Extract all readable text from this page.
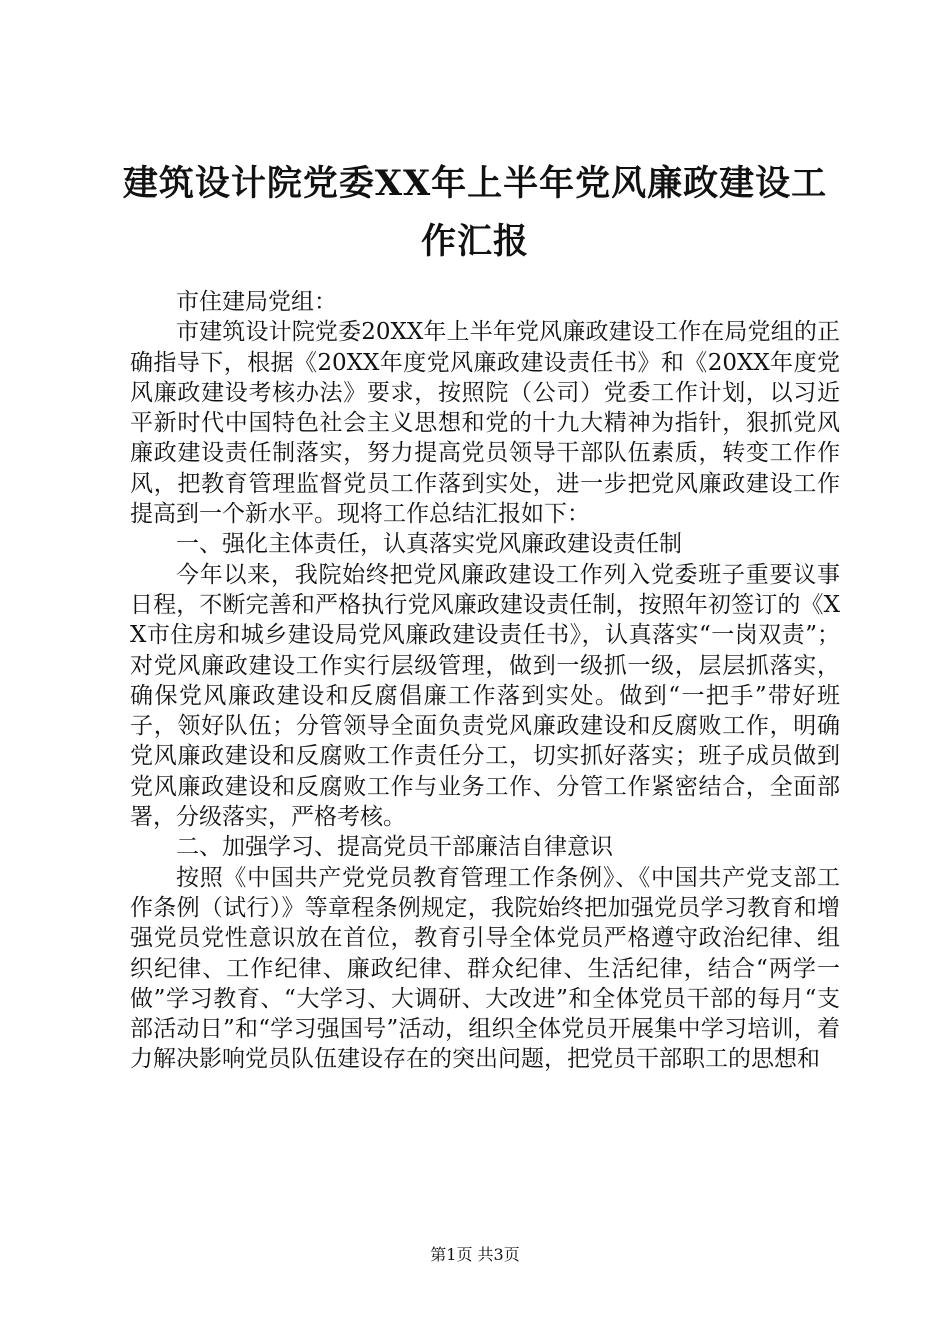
建筑设计院党委XX年上半年党风廉政建设工
作汇报

市住建局党组：

市建筑设计院党委20XX年上半年党风廉政建设工作在局党组的正确指导下，根据《20XX年度党风廉政建设责任书》和《20XX年度党风廉政建设考核办法》要求，按照院（公司）党委工作计划，以习近平新时代中国特色社会主义思想和党的十九大精神为指针，狠抓党风廉政建设责任制落实，努力提高党员领导干部队伍素质，转变工作作风，把教育管理监督党员工作落到实处，进一步把党风廉政建设工作提高到一个新水平。现将工作总结汇报如下：

一、强化主体责任，认真落实党风廉政建设责任制

今年以来，我院始终把党风廉政建设工作列入党委班子重要议事日程，不断完善和严格执行党风廉政建设责任制，按照年初签订的《XX市住房和城乡建设局党风廉政建设责任书》，认真落实“一岗双责”；对党风廉政建设工作实行层级管理，做到一级抓一级，层层抓落实，确保党风廉政建设和反腐倡廉工作落到实处。做到“一把手”带好班子，领好队伍；分管领导全面负责党风廉政建设和反腐败工作，明确党风廉政建设和反腐败工作责任分工，切实抓好落实；班子成员做到党风廉政建设和反腐败工作与业务工作、分管工作紧密结合，全面部署，分级落实，严格考核。

二、加强学习、提高党员干部廉洁自律意识

按照《中国共产党党员教育管理工作条例》、《中国共产党支部工作条例（试行）》等章程条例规定，我院始终把加强党员学习教育和增强党员党性意识放在首位，教育引导全体党员严格遵守政治纪律、组织纪律、工作纪律、廉政纪律、群众纪律、生活纪律，结合“两学一做”学习教育、“大学习、大调研、大改进”和全体党员干部的每月“支部活动日”和“学习强国号”活动，组织全体党员开展集中学习培训，着力解决影响党员队伍建设存在的突出问题，把党员干部职工的思想和

第1页 共3页
